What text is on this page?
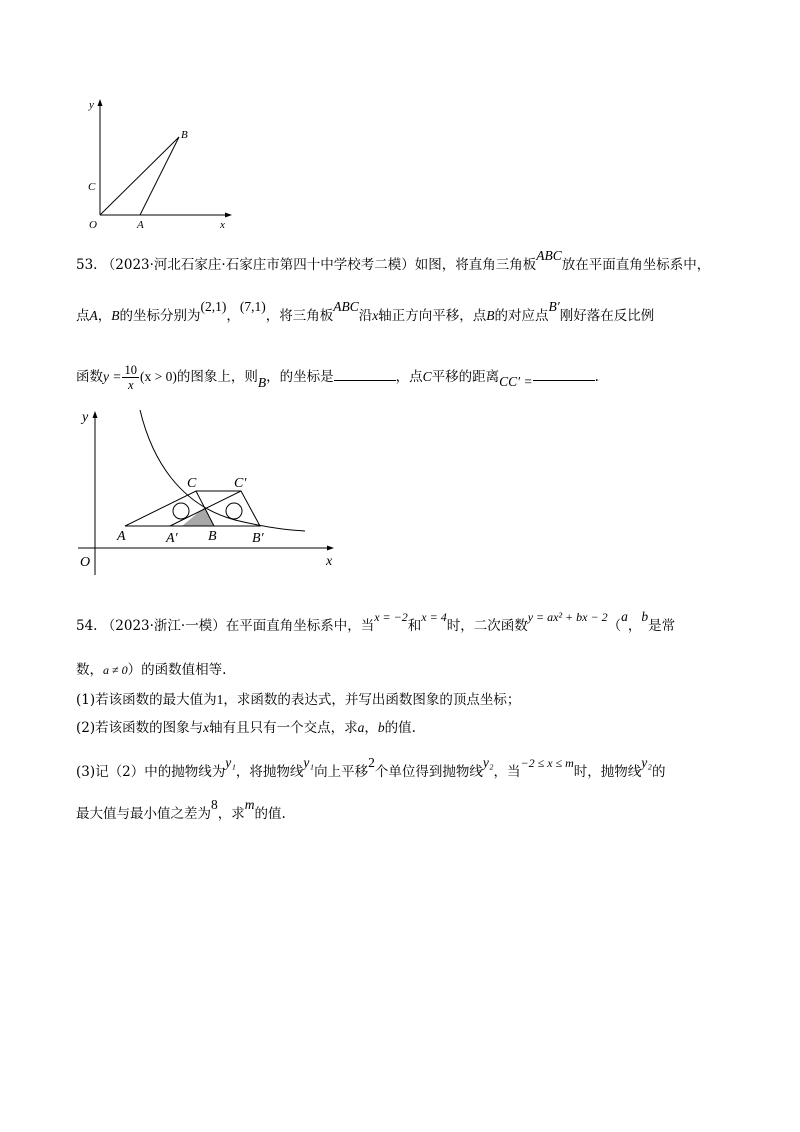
y
x
O	A
B
C
53. （2023·河北石家庄·石家庄市第四十中学校考二模）如图，将直角三角板ABC放在平面直角坐标系中，
点A，B的坐标分别为(2,1)，(7,1)，将三角板ABC沿x轴正方向平移，点B的对应点B′刚好落在反比例
函数$y = \frac{10}{x} (x > 0)$的图象上，则B，的坐标是	，点C平移的距离CC′ =	.
y
x
O
A	A′ B	B′
C	C′
54. （2023·浙江·一模）在平面直角坐标系中，当x = −2和x = 4时，二次函数y = ax² + bx − 2（a，b是常
数，a ≠ 0）的函数值相等.
(1)若该函数的最大值为1，求函数的表达式，并写出函数图象的顶点坐标；
(2)若该函数的图象与x轴有且只有一个交点，求a，b的值.
(3)记（2）中的抛物线为y₁，将抛物线y₁向上平移2个单位得到抛物线y₂，当−2 ≤ x ≤ m时，抛物线y₂的
最大值与最小值之差为8，求m的值.
